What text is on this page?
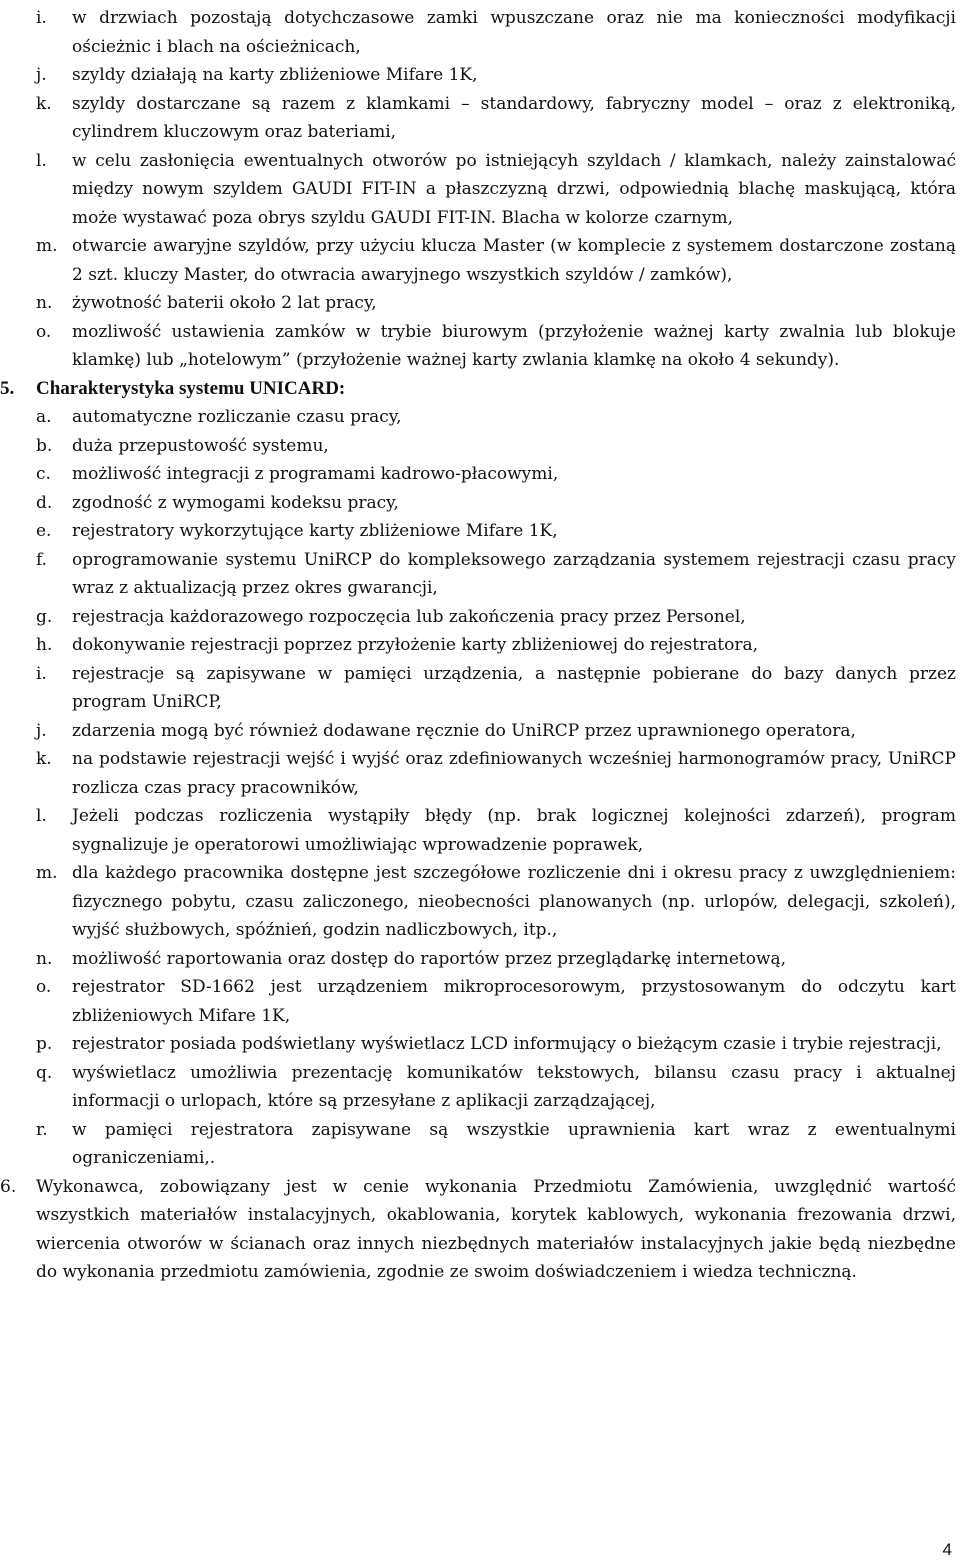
i. w drzwiach pozostają dotychczasowe zamki wpuszczane oraz nie ma konieczności modyfikacji ościeżnic i blach na ościeżnicach,
j. szyldy działają na karty zbliżeniowe Mifare 1K,
k. szyldy dostarczane są razem z klamkami – standardowy, fabryczny model – oraz z elektroniką, cylindrem kluczowym oraz bateriami,
l. w celu zasłonięcia ewentualnych otworów po istniejącyh szyldach / klamkach, należy zainstalować między nowym szyldem GAUDI FIT-IN a płaszczyzną drzwi, odpowiednią blachę maskującą, która może wystawać poza obrys szyldu GAUDI FIT-IN. Blacha w kolorze czarnym,
m. otwarcie awaryjne szyldów, przy użyciu klucza Master (w komplecie z systemem dostarczone zostaną 2 szt. kluczy Master, do otwracia awaryjnego wszystkich szyldów / zamków),
n. żywotność baterii około 2 lat pracy,
o. mozliwość ustawienia zamków w trybie biurowym (przyłożenie ważnej karty zwalnia lub blokuje klamkę) lub „hotelowym” (przyłożenie ważnej karty zwlania klamkę na około 4 sekundy).
5. Charakterystyka systemu UNICARD:
a. automatyczne rozliczanie czasu pracy,
b. duża przepustowość systemu,
c. możliwość integracji z programami kadrowo-płacowymi,
d. zgodność z wymogami kodeksu pracy,
e. rejestratory wykorzytujące karty zbliżeniowe Mifare 1K,
f. oprogramowanie systemu UniRCP do kompleksowego zarządzania systemem rejestracji czasu pracy wraz z aktualizacją przez okres gwarancji,
g. rejestracja każdorazowego rozpoczęcia lub zakończenia pracy przez Personel,
h. dokonywanie rejestracji poprzez przyłożenie karty zbliżeniowej do rejestratora,
i. rejestracje są zapisywane w pamięci urządzenia, a następnie pobierane do bazy danych przez program UniRCP,
j. zdarzenia mogą być również dodawane ręcznie do UniRCP przez uprawnionego operatora,
k. na podstawie rejestracji wejść i wyjść oraz zdefiniowanych wcześniej harmonogramów pracy, UniRCP rozlicza czas pracy pracowników,
l. Jeżeli podczas rozliczenia wystąpiły błędy (np. brak logicznej kolejności zdarzeń), program sygnalizuje je operatorowi umożliwiając wprowadzenie poprawek,
m. dla każdego pracownika dostępne jest szczegółowe rozliczenie dni i okresu pracy z uwzględnieniem: fizycznego pobytu, czasu zaliczonego, nieobecności planowanych (np. urlopów, delegacji, szkoleń), wyjść służbowych, spóźnień, godzin nadliczbowych, itp.,
n. możliwość raportowania oraz dostęp do raportów przez przeglądarkę internetową,
o. rejestrator SD-1662 jest urządzeniem mikroprocesorowym, przystosowanym do odczytu kart zbliżeniowych Mifare 1K,
p. rejestrator posiada podświetlany wyświetlacz LCD informujący o bieżącym czasie i trybie rejestracji,
q. wyświetlacz umożliwia prezentację komunikatów tekstowych, bilansu czasu pracy i aktualnej informacji o urlopach, które są przesyłane z aplikacji zarządzającej,
r. w pamięci rejestratora zapisywane są wszystkie uprawnienia kart wraz z ewentualnymi ograniczeniami,.
6. Wykonawca, zobowiązany jest w cenie wykonania Przedmiotu Zamówienia, uwzględnić wartość wszystkich materiałów instalacyjnych, okablowania, korytek kablowych, wykonania frezowania drzwi, wiercenia otworów w ścianach oraz innych niezbędnych materiałów instalacyjnych jakie będą niezbędne do wykonania przedmiotu zamówienia, zgodnie ze swoim doświadczeniem i wiedza techniczną.
4
